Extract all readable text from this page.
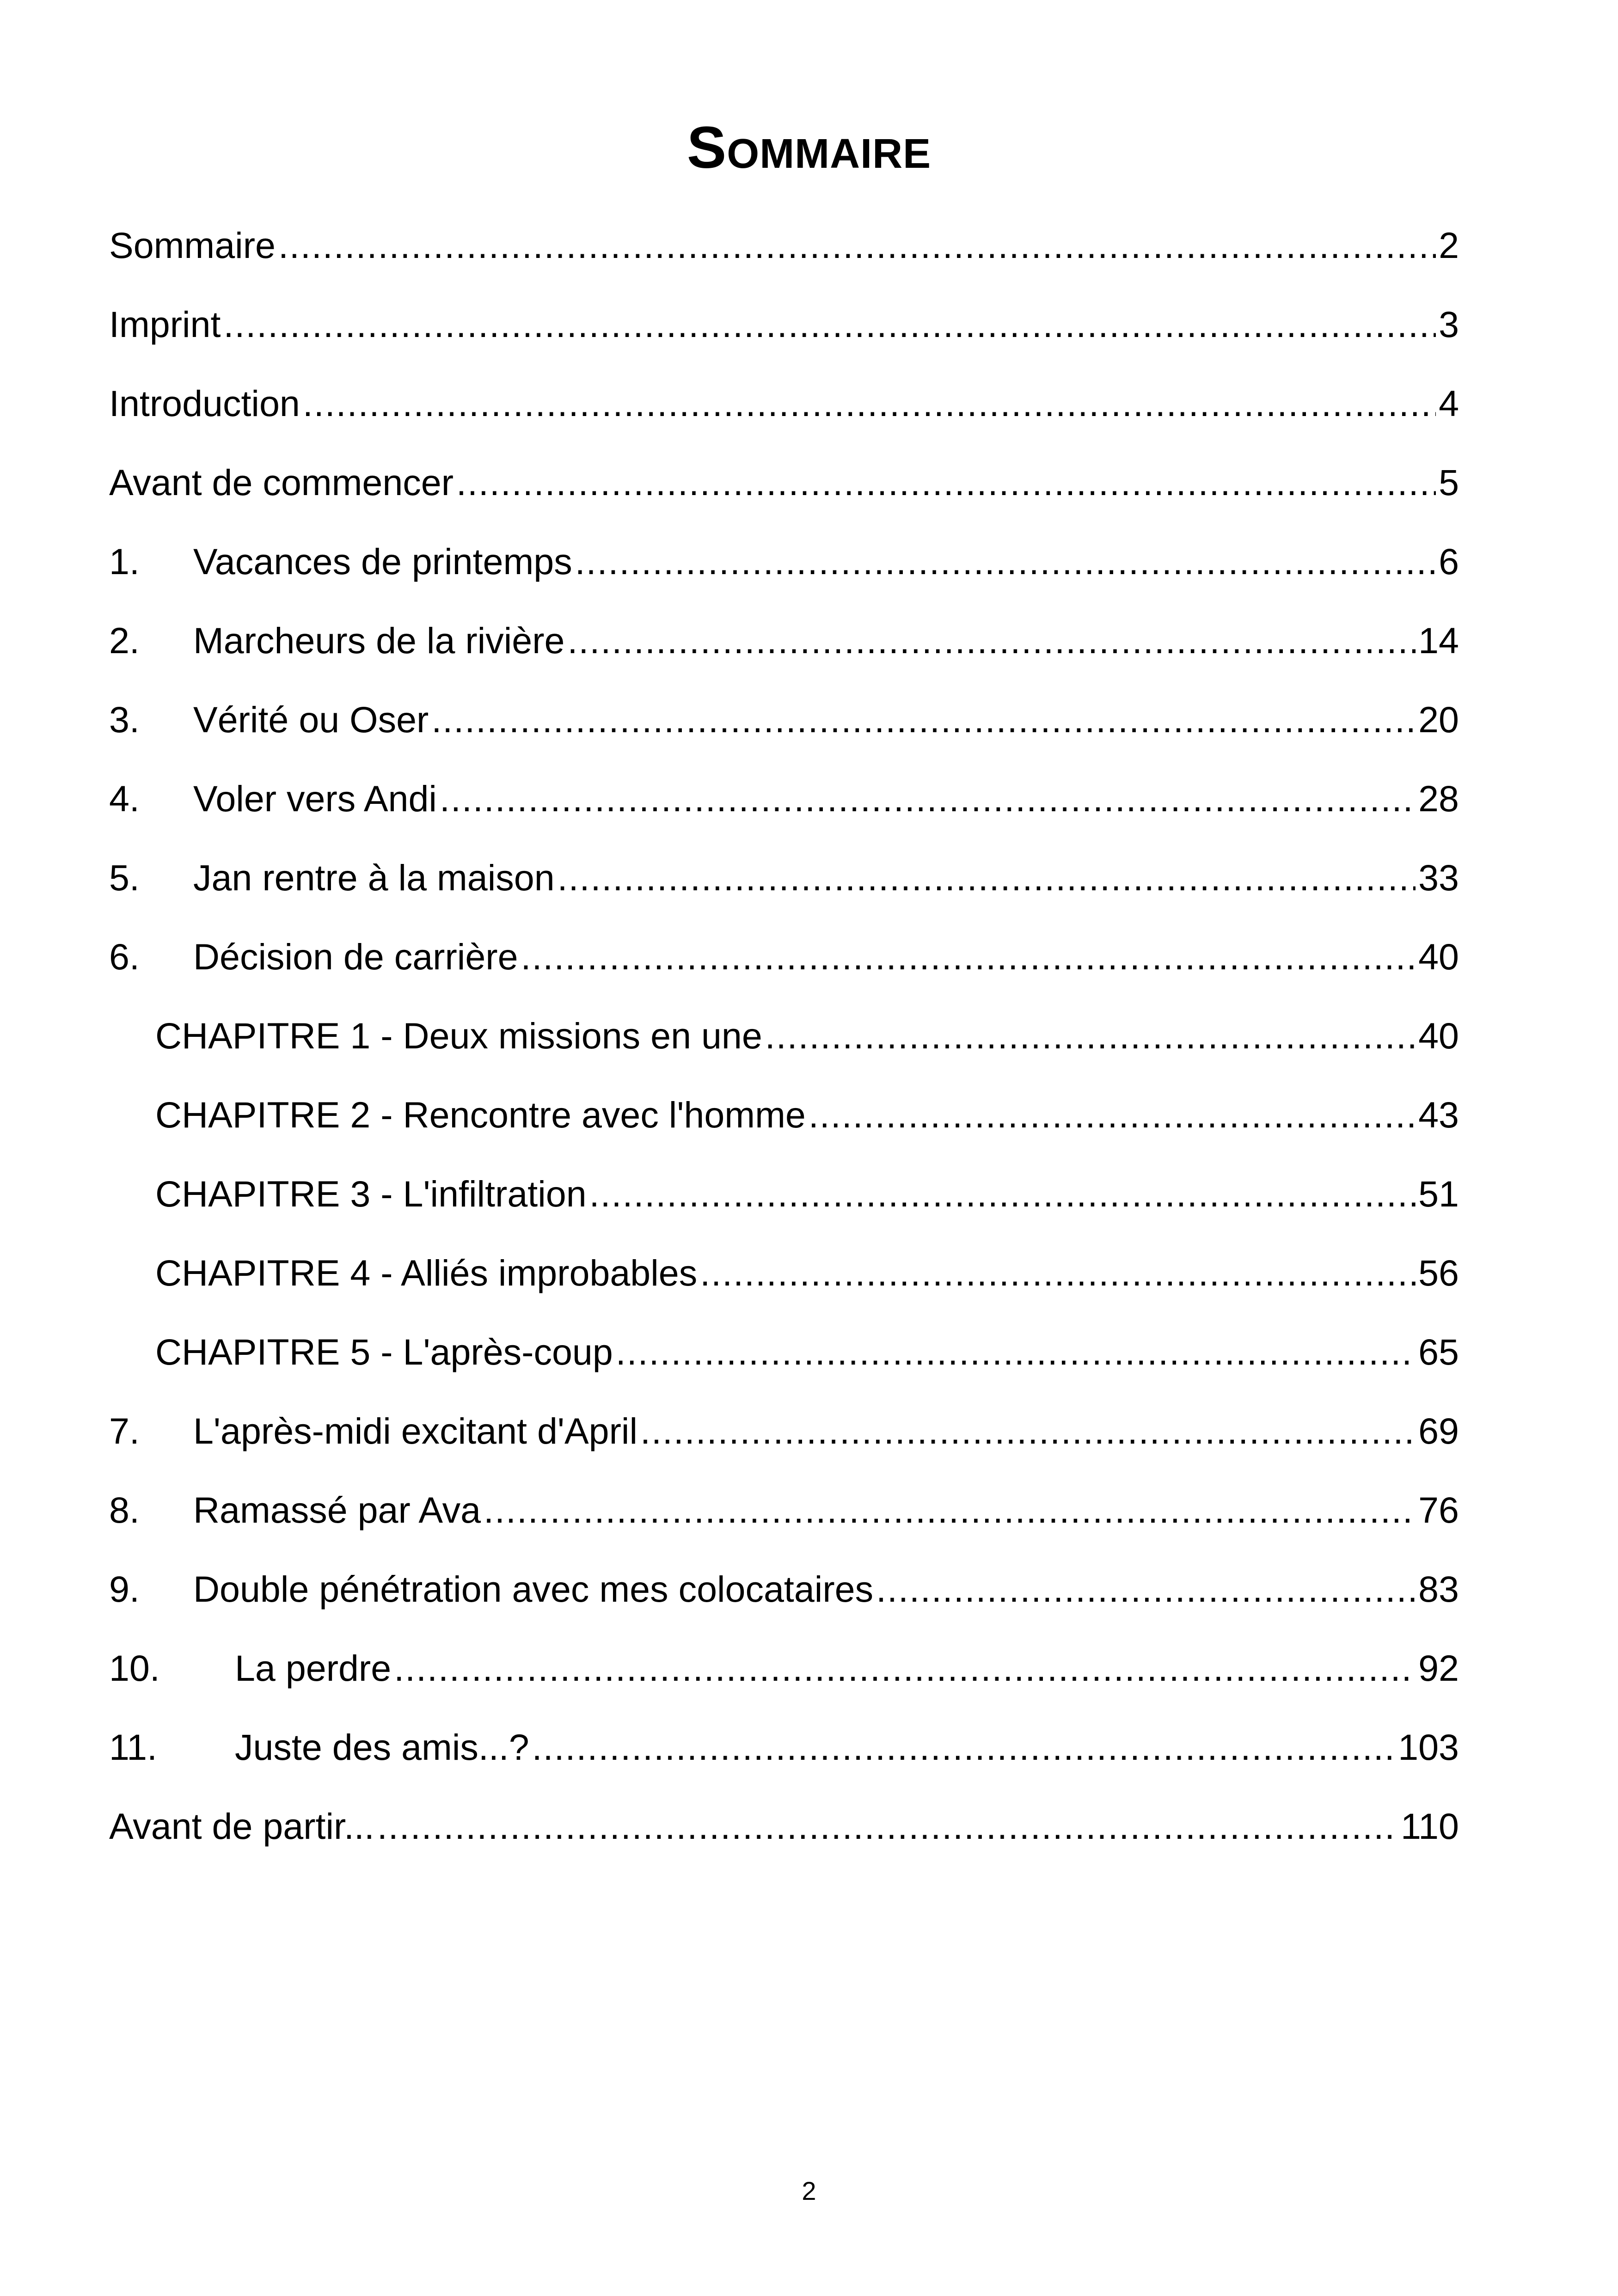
Sommaire
Sommaire .....	2
Imprint .....	3
Introduction .....	4
Avant de commencer .....	5
1.	Vacances de printemps .....	6
2.	Marcheurs de la rivière .....	14
3.	Vérité ou Oser .....	20
4.	Voler vers Andi .....	28
5.	Jan rentre à la maison .....	33
6.	Décision de carrière .....	40
CHAPITRE 1 - Deux missions en une .....	40
CHAPITRE 2 - Rencontre avec l'homme .....	43
CHAPITRE 3 - L'infiltration .....	51
CHAPITRE 4 - Alliés improbables .....	56
CHAPITRE 5 - L'après-coup .....	65
7.	L'après-midi excitant d'April .....	69
8.	Ramassé par Ava .....	76
9.	Double pénétration avec mes colocataires .....	83
10.	La perdre .....	92
11.	Juste des amis...? .....	103
Avant de partir... .....	110
2
